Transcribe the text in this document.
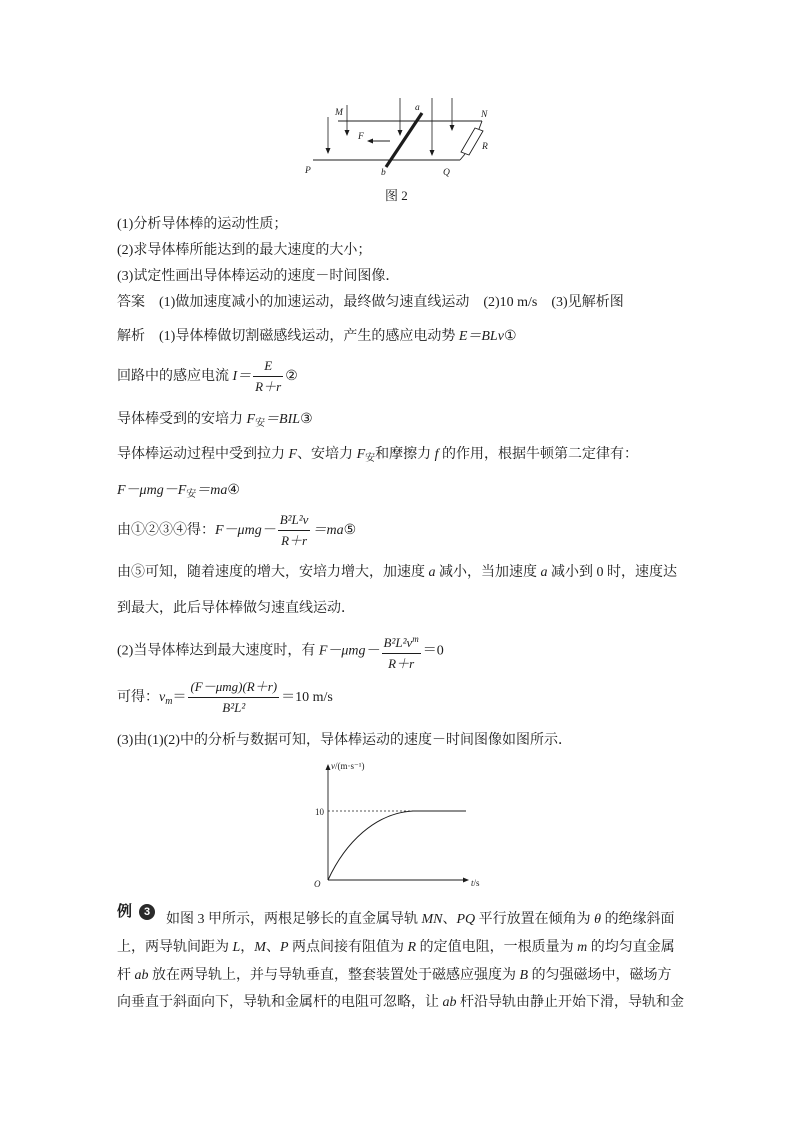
M	a
N
F
R
P	b	Q
图 2
(1)分析导体棒的运动性质；
(2)求导体棒所能达到的最大速度的大小；
(3)试定性画出导体棒运动的速度－时间图像．
答案 (1)做加速度减小的加速运动，最终做匀速直线运动　(2)10 m/s　(3)见解析图
解析 (1)导体棒做切割磁感线运动，产生的感应电动势 E＝BLv①
回路中的感应电流 $I= \frac{E}{R+r}$ ②
导体棒受到的安培力 $F_安=BIL③$
导体棒运动过程中受到拉力 F、安培力 $F_安$和摩擦力 f 的作用，根据牛顿第二定律有：
$F-\mu mg-F_安=ma④$
由①②③④得：$F-\mu mg- \frac{\text{B²L²v}}{R+r}$ ＝ma⑤
由⑤可知，随着速度的增大，安培力增大，加速度 a 减小，当加速度 a 减小到 0 时，速度达
到最大，此后导体棒做匀速直线运动．
(2)当导体棒达到最大速度时，有 $F-\mu mg- \frac{B^2L^2v^m}{R+r} =0$
可得：$v_m= \frac{\text{(F－μmg)(R＋r)}}{\text{B²L²}} =10$ m/s
(3)由(1)(2)中的分析与数据可知，导体棒运动的速度－时间图像如图所示．
v/(m·s⁻¹)
10
O	t/s
例	3	如图 3 甲所示，两根足够长的直金属导轨 MN、PQ 平行放置在倾角为 θ 的绝缘斜面
上，两导轨间距为 L，M、P 两点间接有阻值为 R 的定值电阻，一根质量为 m 的均匀直金属
杆 ab 放在两导轨上，并与导轨垂直，整套装置处于磁感应强度为 B 的匀强磁场中，磁场方
向垂直于斜面向下，导轨和金属杆的电阻可忽略，让 ab 杆沿导轨由静止开始下滑，导轨和金
